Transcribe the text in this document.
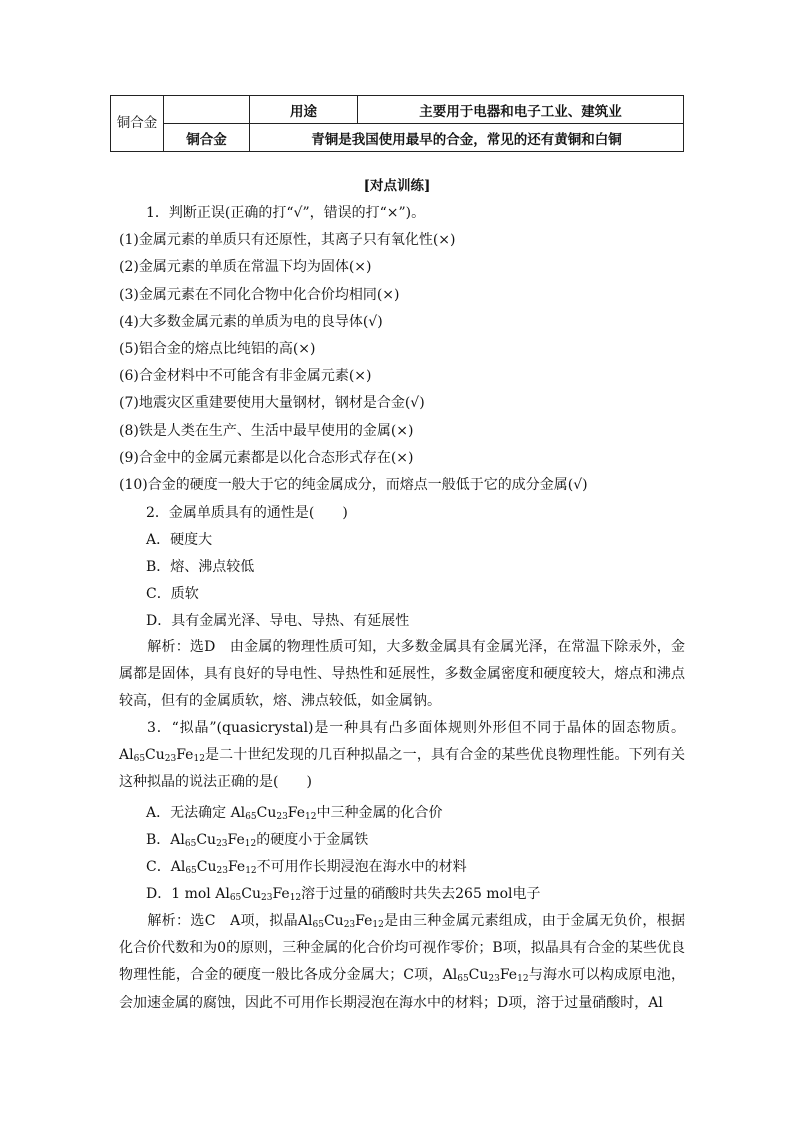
铜合金		用途	主要用于电器和电子工业、建筑业
	铜合金	青铜是我国使用最早的合金，常见的还有黄铜和白铜	
[对点训练]
1．判断正误(正确的打“√”，错误的打“×”)。
(1)金属元素的单质只有还原性，其离子只有氧化性(×)
(2)金属元素的单质在常温下均为固体(×)
(3)金属元素在不同化合物中化合价均相同(×)
(4)大多数金属元素的单质为电的良导体(√)
(5)铝合金的熔点比纯铝的高(×)
(6)合金材料中不可能含有非金属元素(×)
(7)地震灾区重建要使用大量钢材，钢材是合金(√)
(8)铁是人类在生产、生活中最早使用的金属(×)
(9)合金中的金属元素都是以化合态形式存在(×)
(10)合金的硬度一般大于它的纯金属成分，而熔点一般低于它的成分金属(√)
2．金属单质具有的通性是(　　)
A．硬度大
B．熔、沸点较低
C．质软
D．具有金属光泽、导电、导热、有延展性
解析：选D　由金属的物理性质可知，大多数金属具有金属光泽，在常温下除汞外，金属都是固体，具有良好的导电性、导热性和延展性，多数金属密度和硬度较大，熔点和沸点较高，但有的金属质软，熔、沸点较低，如金属钠。
3．“拟晶”(quasicrystal)是一种具有凸多面体规则外形但不同于晶体的固态物质。$Al_{65}Cu_{23}Fe_{12}$是二十世纪发现的几百种拟晶之一，具有合金的某些优良物理性能。下列有关这种拟晶的说法正确的是(　　)
A．无法确定 $Al_{65}Cu_{23}Fe_{12}$中三种金属的化合价
B．$Al_{65}Cu_{23}Fe_{12}$的硬度小于金属铁
C．$Al_{65}Cu_{23}Fe_{12}$不可用作长期浸泡在海水中的材料
D．1 mol $Al_{65}Cu_{23}Fe_{12}$溶于过量的硝酸时共失去265 mol电子
解析：选C　A项，拟晶$Al_{65}Cu_{23}Fe_{12}$是由三种金属元素组成，由于金属无负价，根据化合价代数和为0的原则，三种金属的化合价均可视作零价；B项，拟晶具有合金的某些优良物理性能，合金的硬度一般比各成分金属大；C项，$Al_{65}Cu_{23}Fe_{12}$与海水可以构成原电池，会加速金属的腐蚀，因此不可用作长期浸泡在海水中的材料；D项，溶于过量硝酸时，Al
